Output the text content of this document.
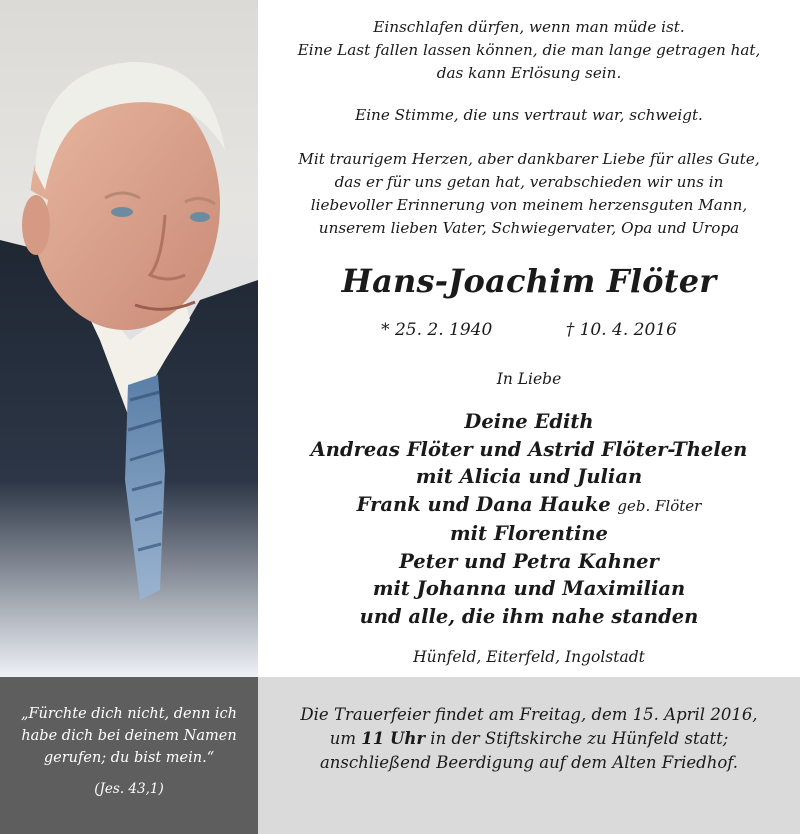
Einschlafen dürfen, wenn man müde ist.
Eine Last fallen lassen können, die man lange getragen hat,
das kann Erlösung sein.
Eine Stimme, die uns vertraut war, schweigt.
Mit traurigem Herzen, aber dankbarer Liebe für alles Gute,
das er für uns getan hat, verabschieden wir uns in
liebevoller Erinnerung von meinem herzensguten Mann,
unserem lieben Vater, Schwiegervater, Opa und Uropa
Hans-Joachim Flöter
* 25. 2. 1940	† 10. 4. 2016
In Liebe
Deine Edith
Andreas Flöter und Astrid Flöter-Thelen
mit Alicia und Julian
Frank und Dana Hauke geb. Flöter
mit Florentine
Peter und Petra Kahner
mit Johanna und Maximilian
und alle, die ihm nahe standen
Hünfeld, Eiterfeld, Ingolstadt
„Fürchte dich nicht, denn ich
habe dich bei deinem Namen
gerufen; du bist mein.“
(Jes. 43,1)
Die Trauerfeier findet am Freitag, dem 15. April 2016,
um 11 Uhr in der Stiftskirche zu Hünfeld statt;
anschließend Beerdigung auf dem Alten Friedhof.
